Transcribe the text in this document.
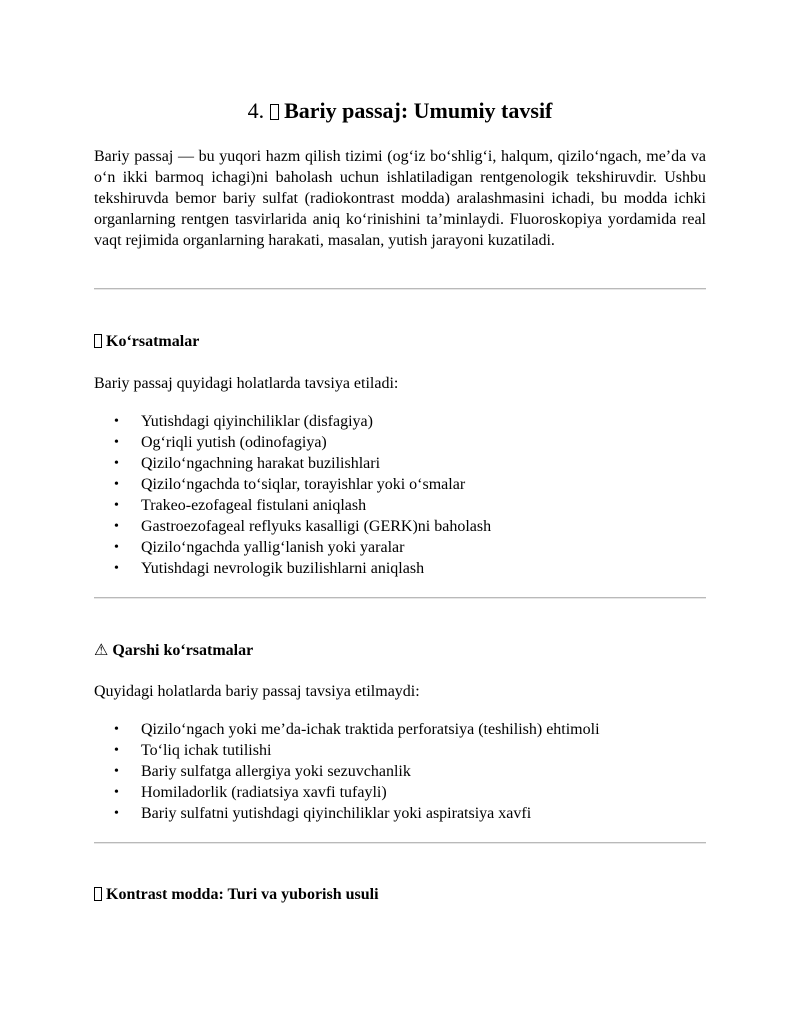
4. Bariy passaj: Umumiy tavsif

Bariy passaj — bu yuqori hazm qilish tizimi (og‘iz bo‘shlig‘i, halqum, qizilo‘ngach, me’da va o‘n ikki barmoq ichagi)ni baholash uchun ishlatiladigan rentgenologik tekshiruvdir. Ushbu tekshiruvda bemor bariy sulfat (radiokontrast modda) aralashmasini ichadi, bu modda ichki organlarning rentgen tasvirlarida aniq ko‘rinishini ta’minlaydi. Fluoroskopiya yordamida real vaqt rejimida organlarning harakati, masalan, yutish jarayoni kuzatiladi.

Ko‘rsatmalar

Bariy passaj quyidagi holatlarda tavsiya etiladi:

• Yutishdagi qiyinchiliklar (disfagiya)
• Og‘riqli yutish (odinofagiya)
• Qizilo‘ngachning harakat buzilishlari
• Qizilo‘ngachda to‘siqlar, torayishlar yoki o‘smalar
• Trakeo-ezofageal fistulani aniqlash
• Gastroezofageal reflyuks kasalligi (GERK)ni baholash
• Qizilo‘ngachda yallig‘lanish yoki yaralar
• Yutishdagi nevrologik buzilishlarni aniqlash
⚠ Qarshi ko‘rsatmalar

Quyidagi holatlarda bariy passaj tavsiya etilmaydi:

• Qizilo‘ngach yoki me’da-ichak traktida perforatsiya (teshilish) ehtimoli
• To‘liq ichak tutilishi
• Bariy sulfatga allergiya yoki sezuvchanlik
• Homiladorlik (radiatsiya xavfi tufayli)
• Bariy sulfatni yutishdagi qiyinchiliklar yoki aspiratsiya xavfi
Kontrast modda: Turi va yuborish usuli
